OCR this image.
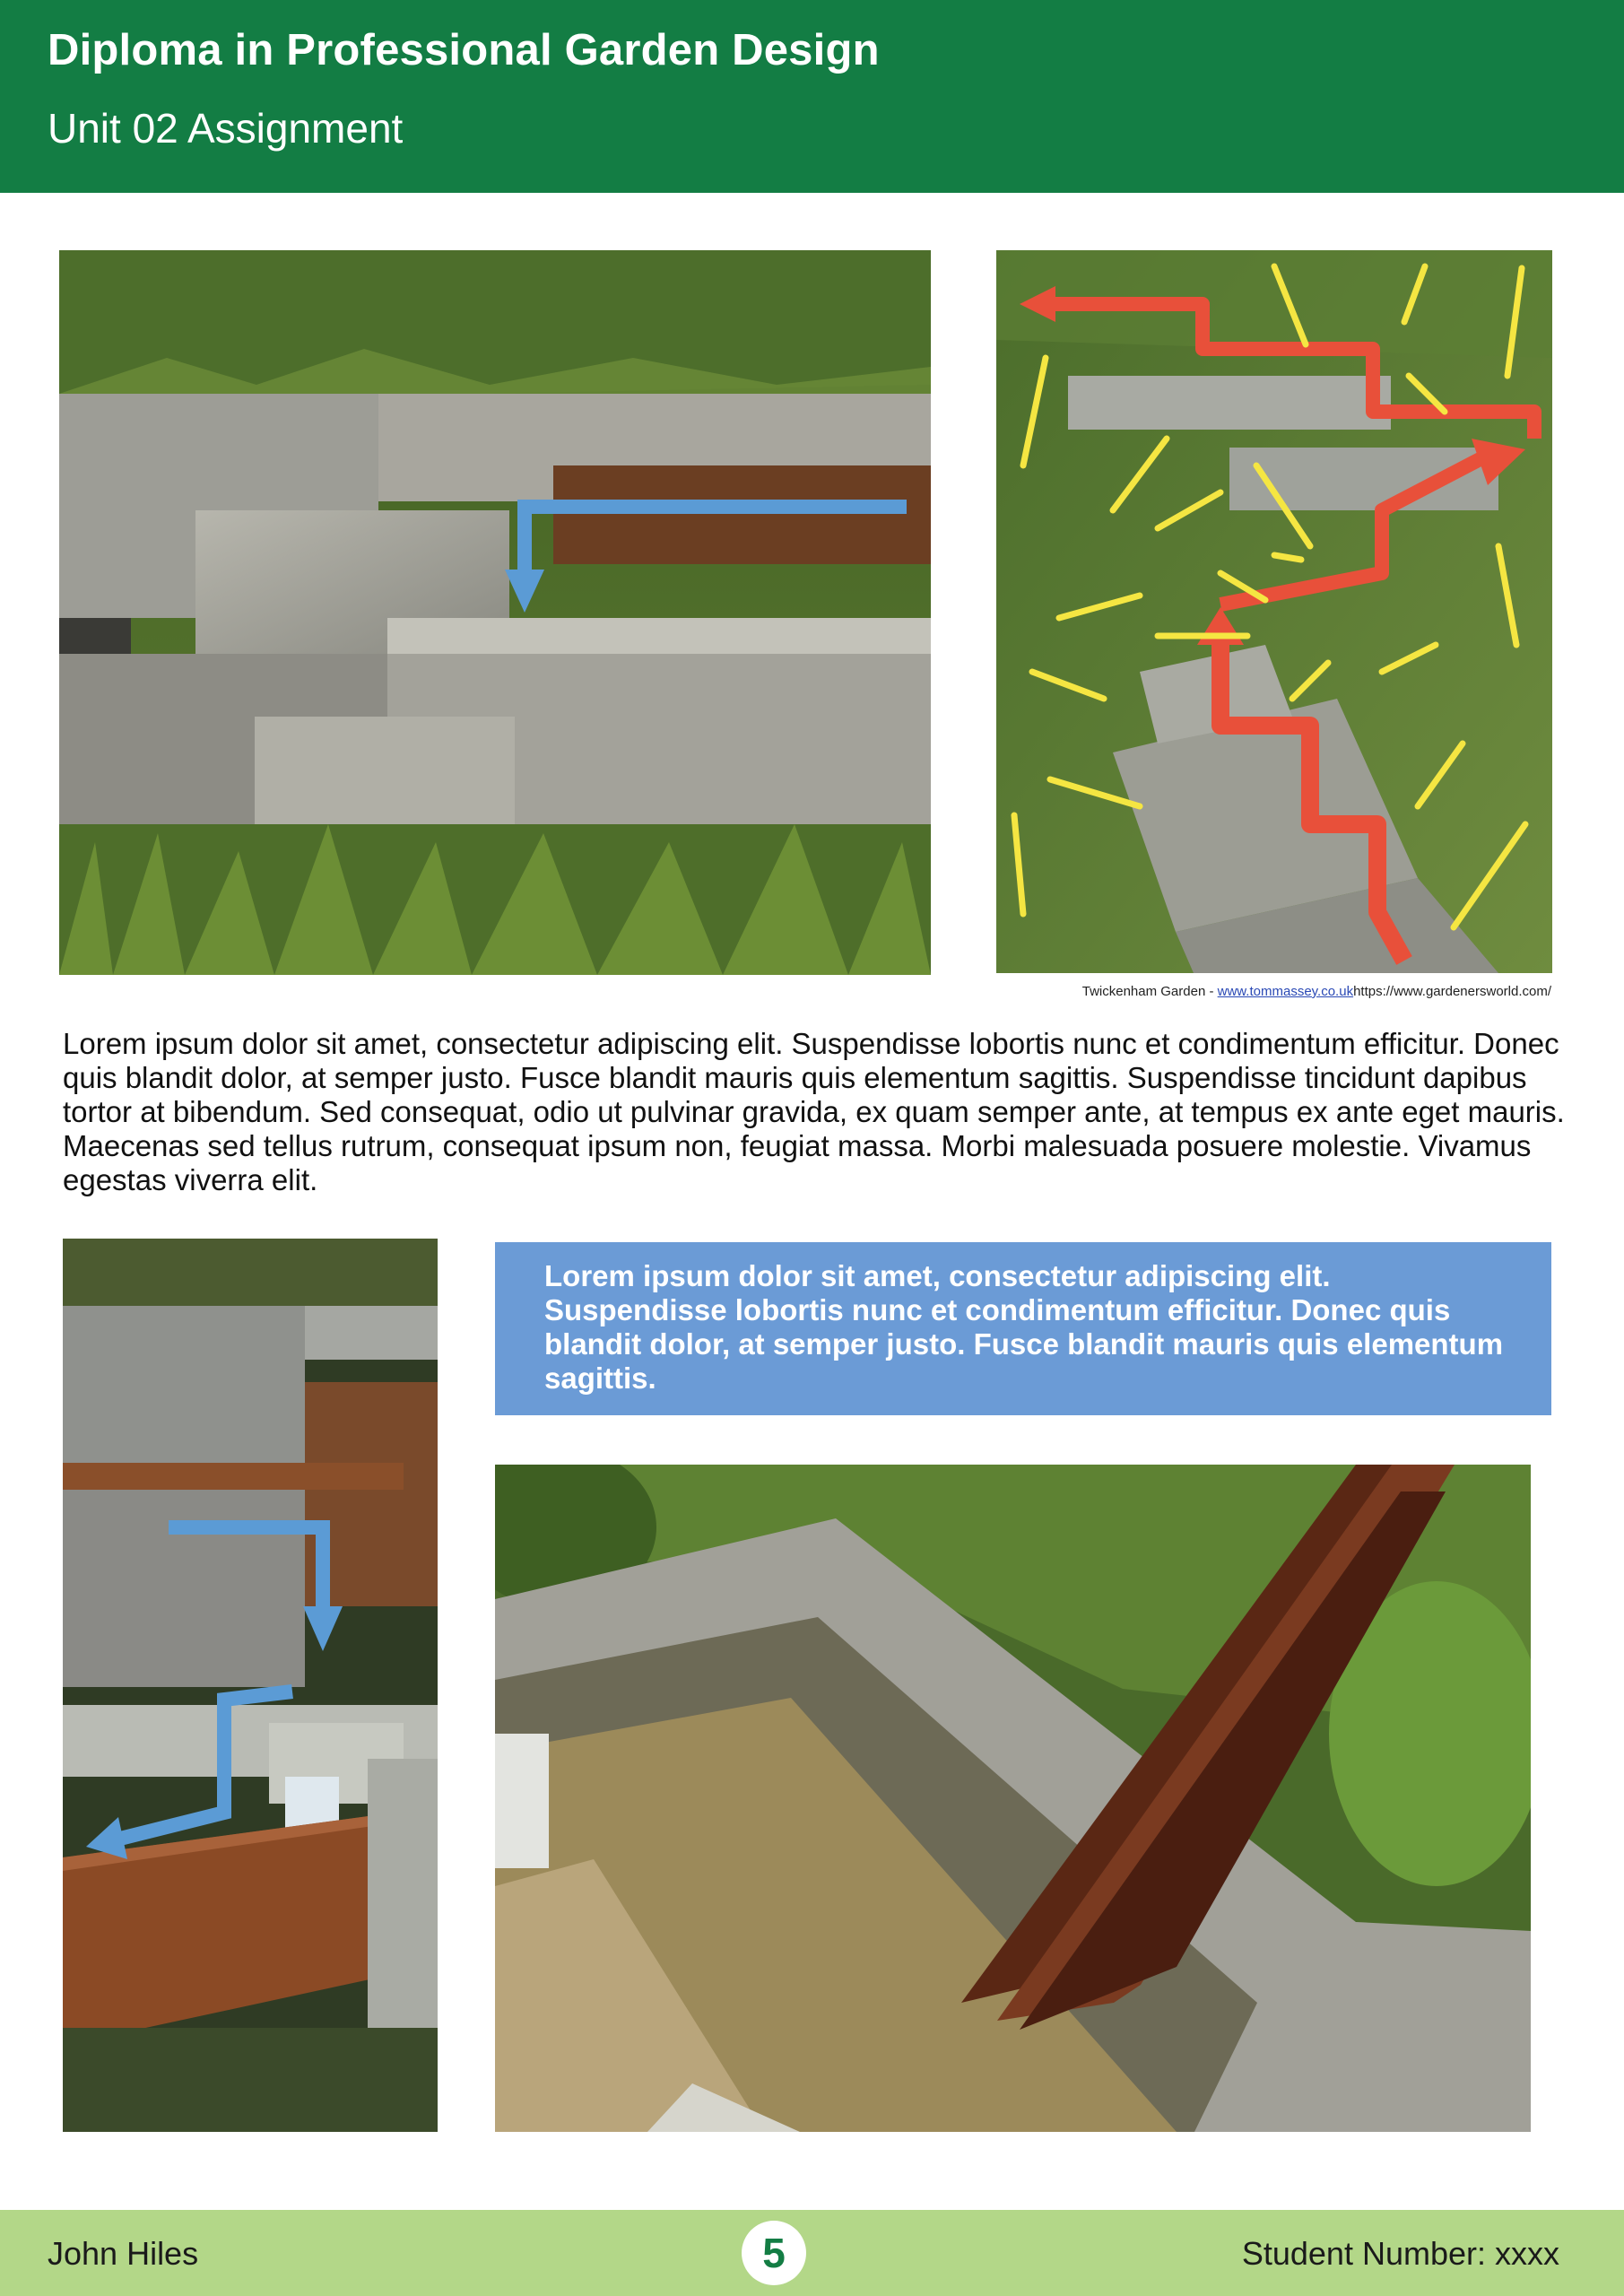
Diploma in Professional Garden Design
Unit 02 Assignment
Twickenham Garden - www.tommassey.co.ukhttps://www.gardenersworld.com/
Lorem ipsum dolor sit amet, consectetur adipiscing elit. Suspendisse lobortis nunc et condimentum efficitur. Donec quis blandit dolor, at semper justo. Fusce blandit mauris quis elementum sagittis. Suspendisse tincidunt dapibus tortor at bibendum. Sed consequat, odio ut pulvinar gravida, ex quam semper ante, at tempus ex ante eget mauris. Maecenas sed tellus rutrum, consequat ipsum non, feugiat massa. Morbi malesuada posuere molestie. Vivamus egestas viverra elit.
Lorem ipsum dolor sit amet, consectetur adipiscing elit. Suspendisse lobortis nunc et condimentum efficitur. Donec quis blandit dolor, at semper justo. Fusce blandit mauris quis elementum sagittis.
John Hiles	5	Student Number: xxxx
